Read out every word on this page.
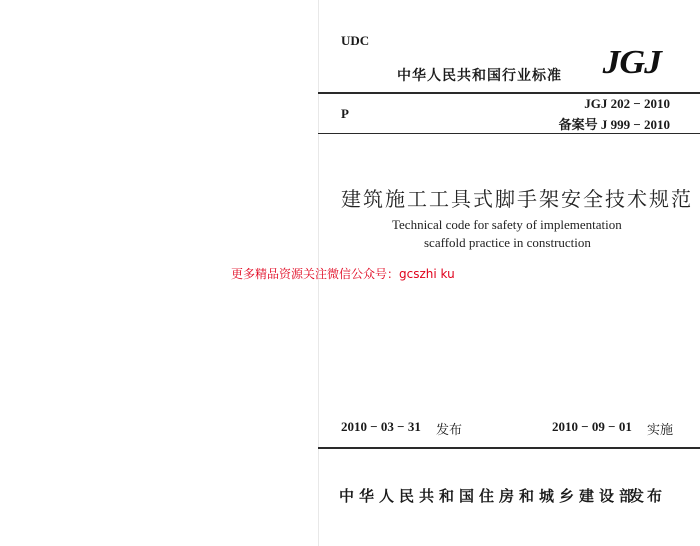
UDC
中华人民共和国行业标准 JGJ
JGJ 202 − 2010
P
备案号 J 999 − 2010
建筑施工工具式脚手架安全技术规范
Technical code for safety of implementation
scaffold practice in construction
更多精品资源关注微信公众号：gcszhi ku
2010 − 03 − 31 发布	2010 − 09 − 01 实施
中华人民共和国住房和城乡建设部
发布
